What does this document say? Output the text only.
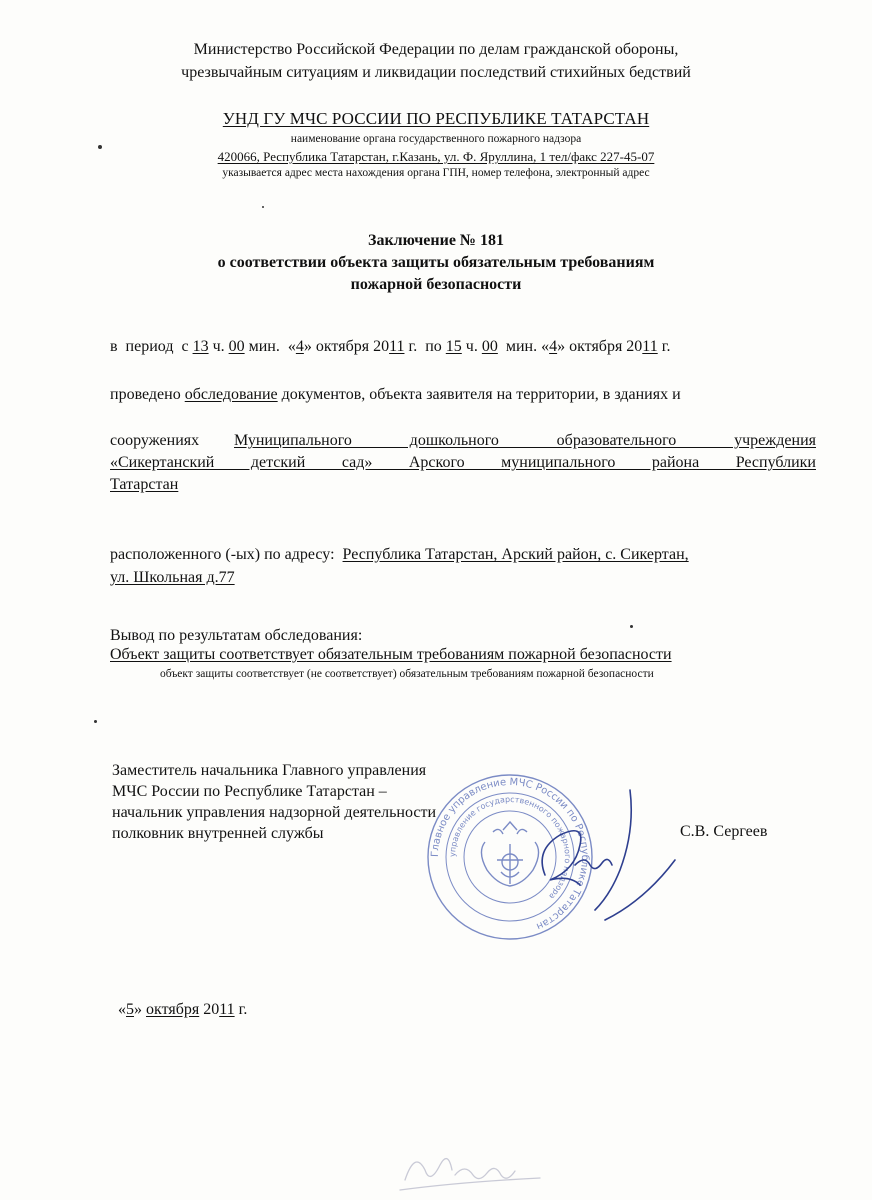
Министерство Российской Федерации по делам гражданской обороны,
чрезвычайным ситуациям и ликвидации последствий стихийных бедствий
УНД ГУ МЧС РОССИИ ПО РЕСПУБЛИКЕ ТАТАРСТАН
наименование органа государственного пожарного надзора
420066, Республика Татарстан, г.Казань, ул. Ф. Яруллина, 1 тел/факс 227-45-07
указывается адрес места нахождения органа ГПН, номер телефона, электронный адрес
Заключение № 181
о соответствии объекта защиты обязательным требованиям
пожарной безопасности
в  период  с 13 ч. 00 мин.  «4» октября 2011 г.  по 15 ч. 00  мин. «4» октября 2011 г.
проведено обследование документов, объекта заявителя на территории, в зданиях и
сооружениях Муниципального  дошкольного  образовательного  учреждения
«Сикертанский  детский  сад»  Арского  муниципального  района  Республики
Татарстан
расположенного (-ых) по адресу:  Республика Татарстан, Арский район, с. Сикертан,
ул. Школьная д.77
Вывод по результатам обследования:
Объект защиты соответствует обязательным требованиям пожарной безопасности
объект защиты соответствует (не соответствует) обязательным требованиям пожарной безопасности
Заместитель начальника Главного управления
МЧС России по Республике Татарстан –
начальник управления надзорной деятельности
полковник внутренней службы	С.В. Сергеев
Главное управление МЧС России по Республике Татарстан
управление государственного пожарного надзора
«5» октября 2011 г.
